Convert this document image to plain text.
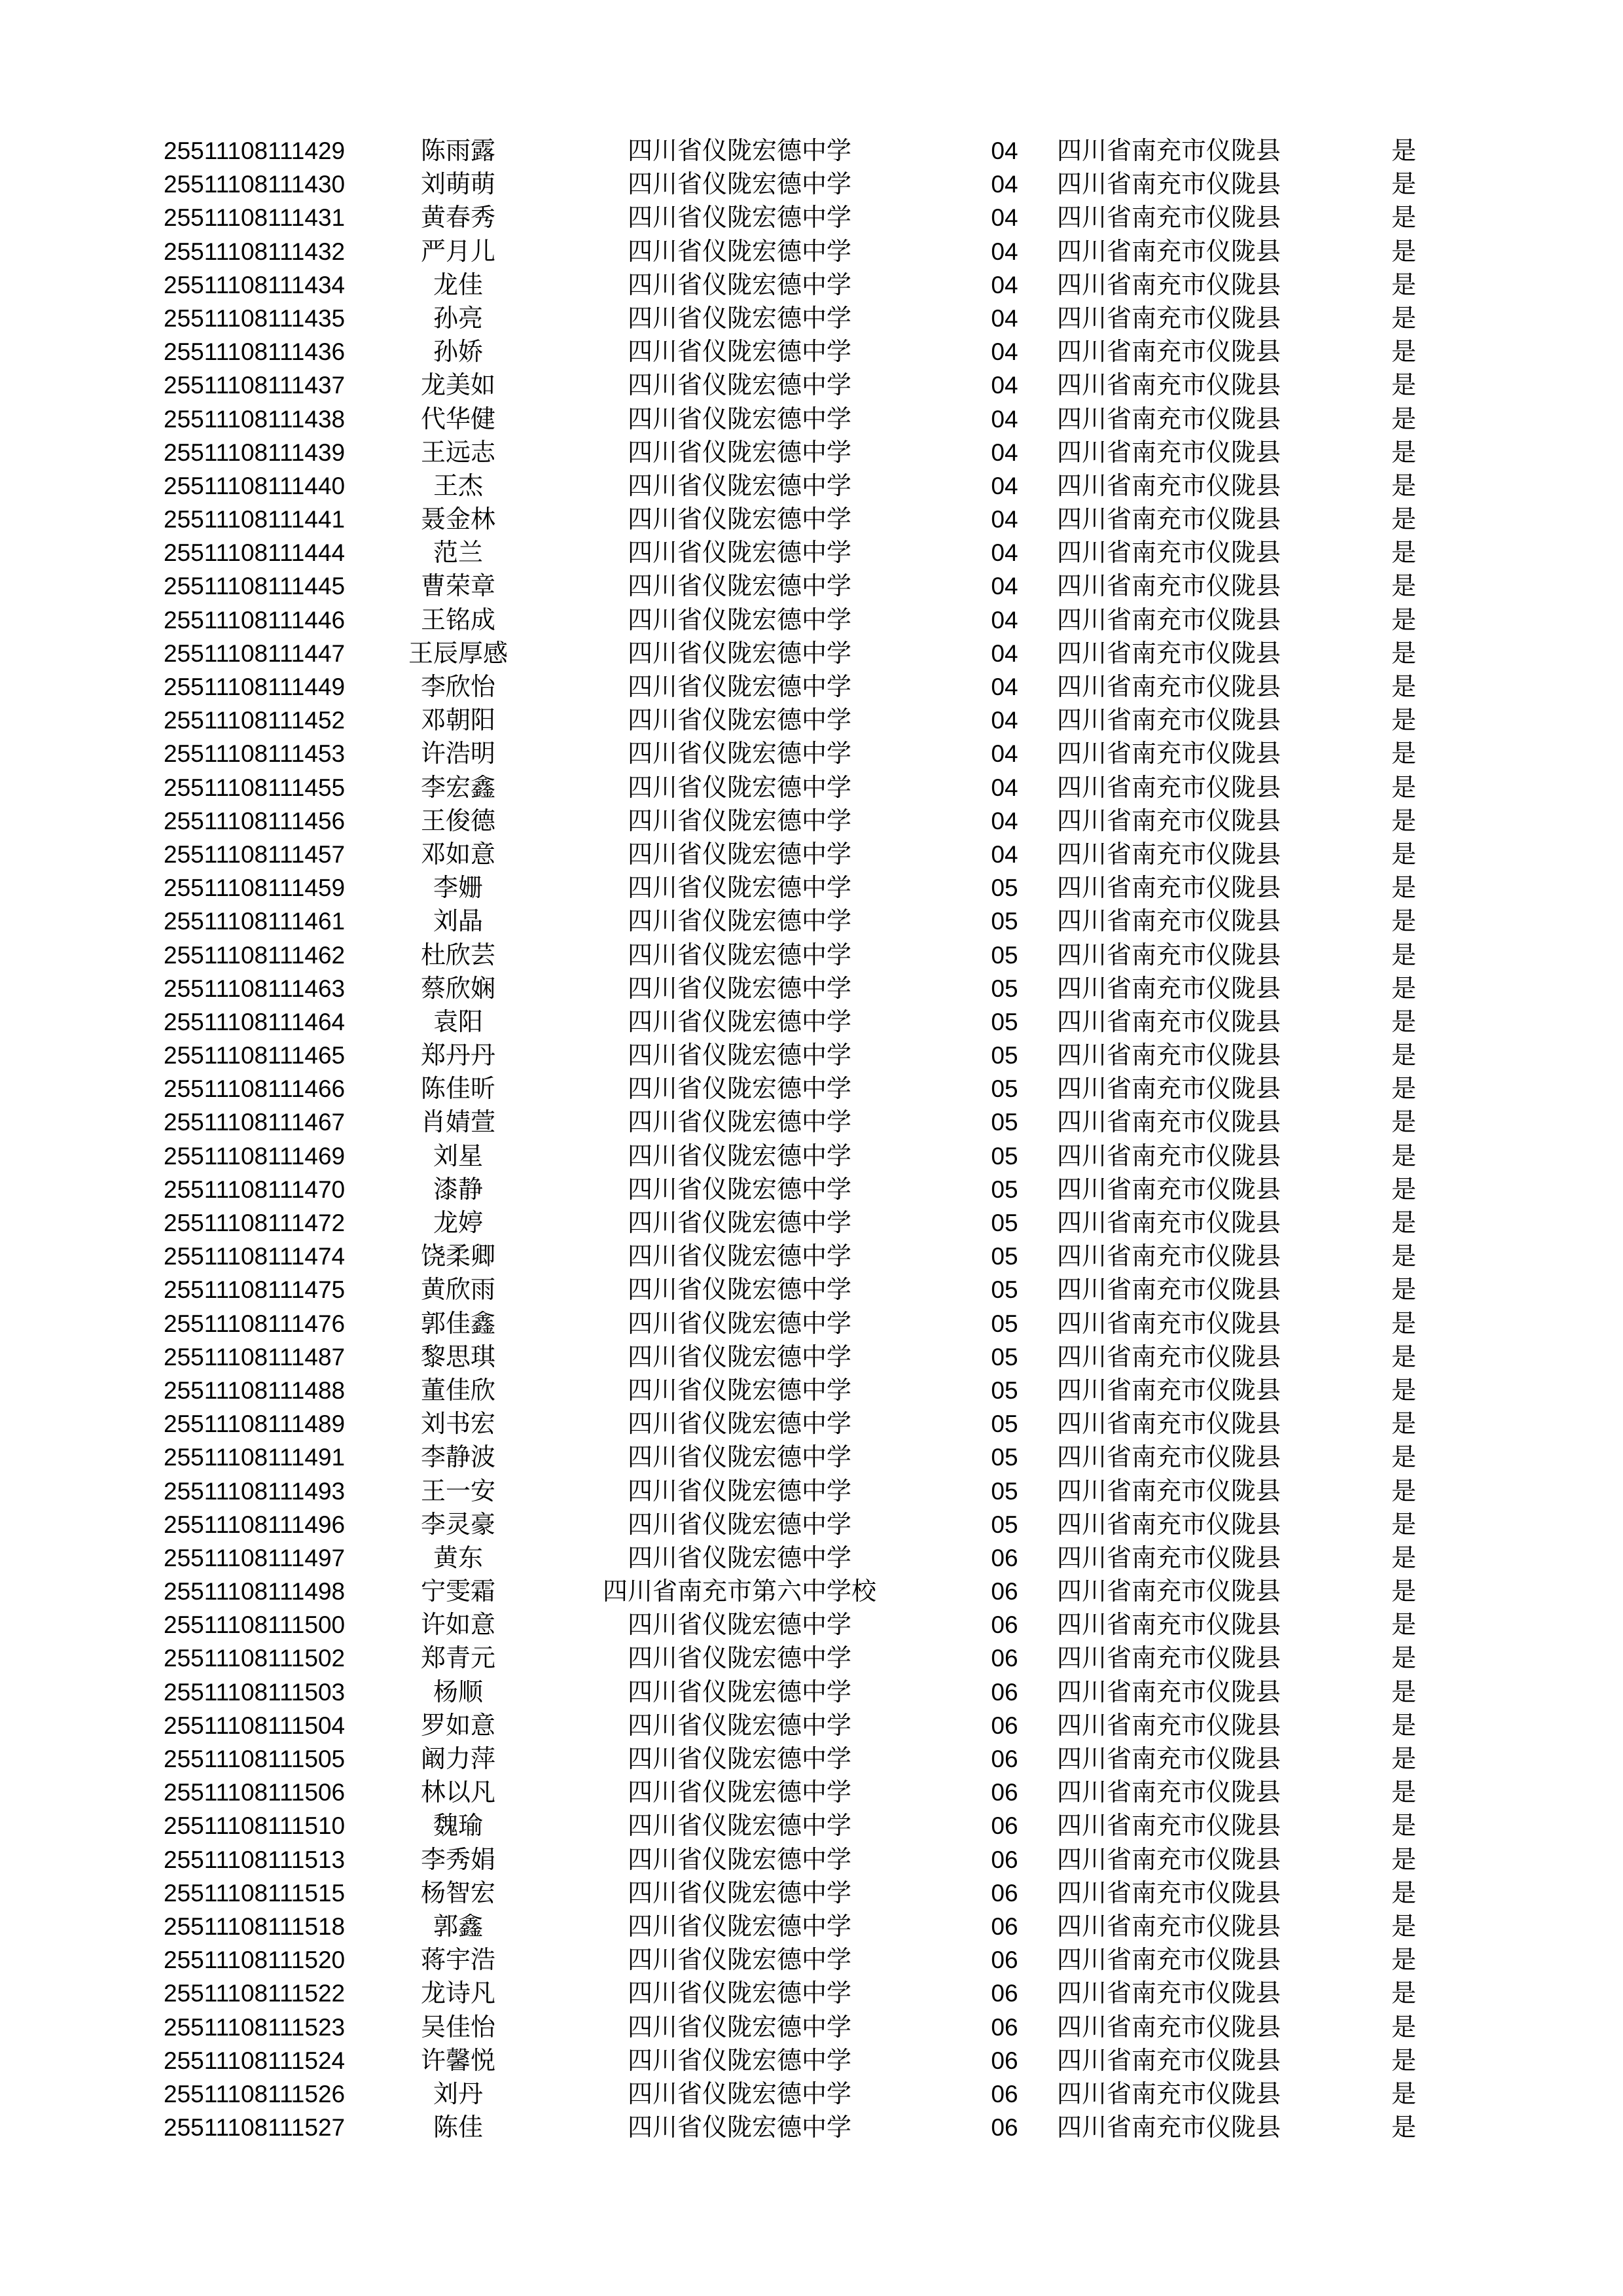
25511108111429	陈雨露	四川省仪陇宏德中学	04	四川省南充市仪陇县	是
25511108111430	刘萌萌	四川省仪陇宏德中学	04	四川省南充市仪陇县	是
25511108111431	黄春秀	四川省仪陇宏德中学	04	四川省南充市仪陇县	是
25511108111432	严月儿	四川省仪陇宏德中学	04	四川省南充市仪陇县	是
25511108111434	龙佳	四川省仪陇宏德中学	04	四川省南充市仪陇县	是
25511108111435	孙亮	四川省仪陇宏德中学	04	四川省南充市仪陇县	是
25511108111436	孙娇	四川省仪陇宏德中学	04	四川省南充市仪陇县	是
25511108111437	龙美如	四川省仪陇宏德中学	04	四川省南充市仪陇县	是
25511108111438	代华健	四川省仪陇宏德中学	04	四川省南充市仪陇县	是
25511108111439	王远志	四川省仪陇宏德中学	04	四川省南充市仪陇县	是
25511108111440	王杰	四川省仪陇宏德中学	04	四川省南充市仪陇县	是
25511108111441	聂金林	四川省仪陇宏德中学	04	四川省南充市仪陇县	是
25511108111444	范兰	四川省仪陇宏德中学	04	四川省南充市仪陇县	是
25511108111445	曹荣章	四川省仪陇宏德中学	04	四川省南充市仪陇县	是
25511108111446	王铭成	四川省仪陇宏德中学	04	四川省南充市仪陇县	是
25511108111447	王辰厚感	四川省仪陇宏德中学	04	四川省南充市仪陇县	是
25511108111449	李欣怡	四川省仪陇宏德中学	04	四川省南充市仪陇县	是
25511108111452	邓朝阳	四川省仪陇宏德中学	04	四川省南充市仪陇县	是
25511108111453	许浩明	四川省仪陇宏德中学	04	四川省南充市仪陇县	是
25511108111455	李宏鑫	四川省仪陇宏德中学	04	四川省南充市仪陇县	是
25511108111456	王俊德	四川省仪陇宏德中学	04	四川省南充市仪陇县	是
25511108111457	邓如意	四川省仪陇宏德中学	04	四川省南充市仪陇县	是
25511108111459	李姗	四川省仪陇宏德中学	05	四川省南充市仪陇县	是
25511108111461	刘晶	四川省仪陇宏德中学	05	四川省南充市仪陇县	是
25511108111462	杜欣芸	四川省仪陇宏德中学	05	四川省南充市仪陇县	是
25511108111463	蔡欣娴	四川省仪陇宏德中学	05	四川省南充市仪陇县	是
25511108111464	袁阳	四川省仪陇宏德中学	05	四川省南充市仪陇县	是
25511108111465	郑丹丹	四川省仪陇宏德中学	05	四川省南充市仪陇县	是
25511108111466	陈佳昕	四川省仪陇宏德中学	05	四川省南充市仪陇县	是
25511108111467	肖婧萱	四川省仪陇宏德中学	05	四川省南充市仪陇县	是
25511108111469	刘星	四川省仪陇宏德中学	05	四川省南充市仪陇县	是
25511108111470	漆静	四川省仪陇宏德中学	05	四川省南充市仪陇县	是
25511108111472	龙婷	四川省仪陇宏德中学	05	四川省南充市仪陇县	是
25511108111474	饶柔卿	四川省仪陇宏德中学	05	四川省南充市仪陇县	是
25511108111475	黄欣雨	四川省仪陇宏德中学	05	四川省南充市仪陇县	是
25511108111476	郭佳鑫	四川省仪陇宏德中学	05	四川省南充市仪陇县	是
25511108111487	黎思琪	四川省仪陇宏德中学	05	四川省南充市仪陇县	是
25511108111488	董佳欣	四川省仪陇宏德中学	05	四川省南充市仪陇县	是
25511108111489	刘书宏	四川省仪陇宏德中学	05	四川省南充市仪陇县	是
25511108111491	李静波	四川省仪陇宏德中学	05	四川省南充市仪陇县	是
25511108111493	王一安	四川省仪陇宏德中学	05	四川省南充市仪陇县	是
25511108111496	李灵豪	四川省仪陇宏德中学	05	四川省南充市仪陇县	是
25511108111497	黄东	四川省仪陇宏德中学	06	四川省南充市仪陇县	是
25511108111498	宁雯霜	四川省南充市第六中学校	06	四川省南充市仪陇县	是
25511108111500	许如意	四川省仪陇宏德中学	06	四川省南充市仪陇县	是
25511108111502	郑青元	四川省仪陇宏德中学	06	四川省南充市仪陇县	是
25511108111503	杨顺	四川省仪陇宏德中学	06	四川省南充市仪陇县	是
25511108111504	罗如意	四川省仪陇宏德中学	06	四川省南充市仪陇县	是
25511108111505	阚力萍	四川省仪陇宏德中学	06	四川省南充市仪陇县	是
25511108111506	林以凡	四川省仪陇宏德中学	06	四川省南充市仪陇县	是
25511108111510	魏瑜	四川省仪陇宏德中学	06	四川省南充市仪陇县	是
25511108111513	李秀娟	四川省仪陇宏德中学	06	四川省南充市仪陇县	是
25511108111515	杨智宏	四川省仪陇宏德中学	06	四川省南充市仪陇县	是
25511108111518	郭鑫	四川省仪陇宏德中学	06	四川省南充市仪陇县	是
25511108111520	蒋宇浩	四川省仪陇宏德中学	06	四川省南充市仪陇县	是
25511108111522	龙诗凡	四川省仪陇宏德中学	06	四川省南充市仪陇县	是
25511108111523	吴佳怡	四川省仪陇宏德中学	06	四川省南充市仪陇县	是
25511108111524	许馨悦	四川省仪陇宏德中学	06	四川省南充市仪陇县	是
25511108111526	刘丹	四川省仪陇宏德中学	06	四川省南充市仪陇县	是
25511108111527	陈佳	四川省仪陇宏德中学	06	四川省南充市仪陇县	是
